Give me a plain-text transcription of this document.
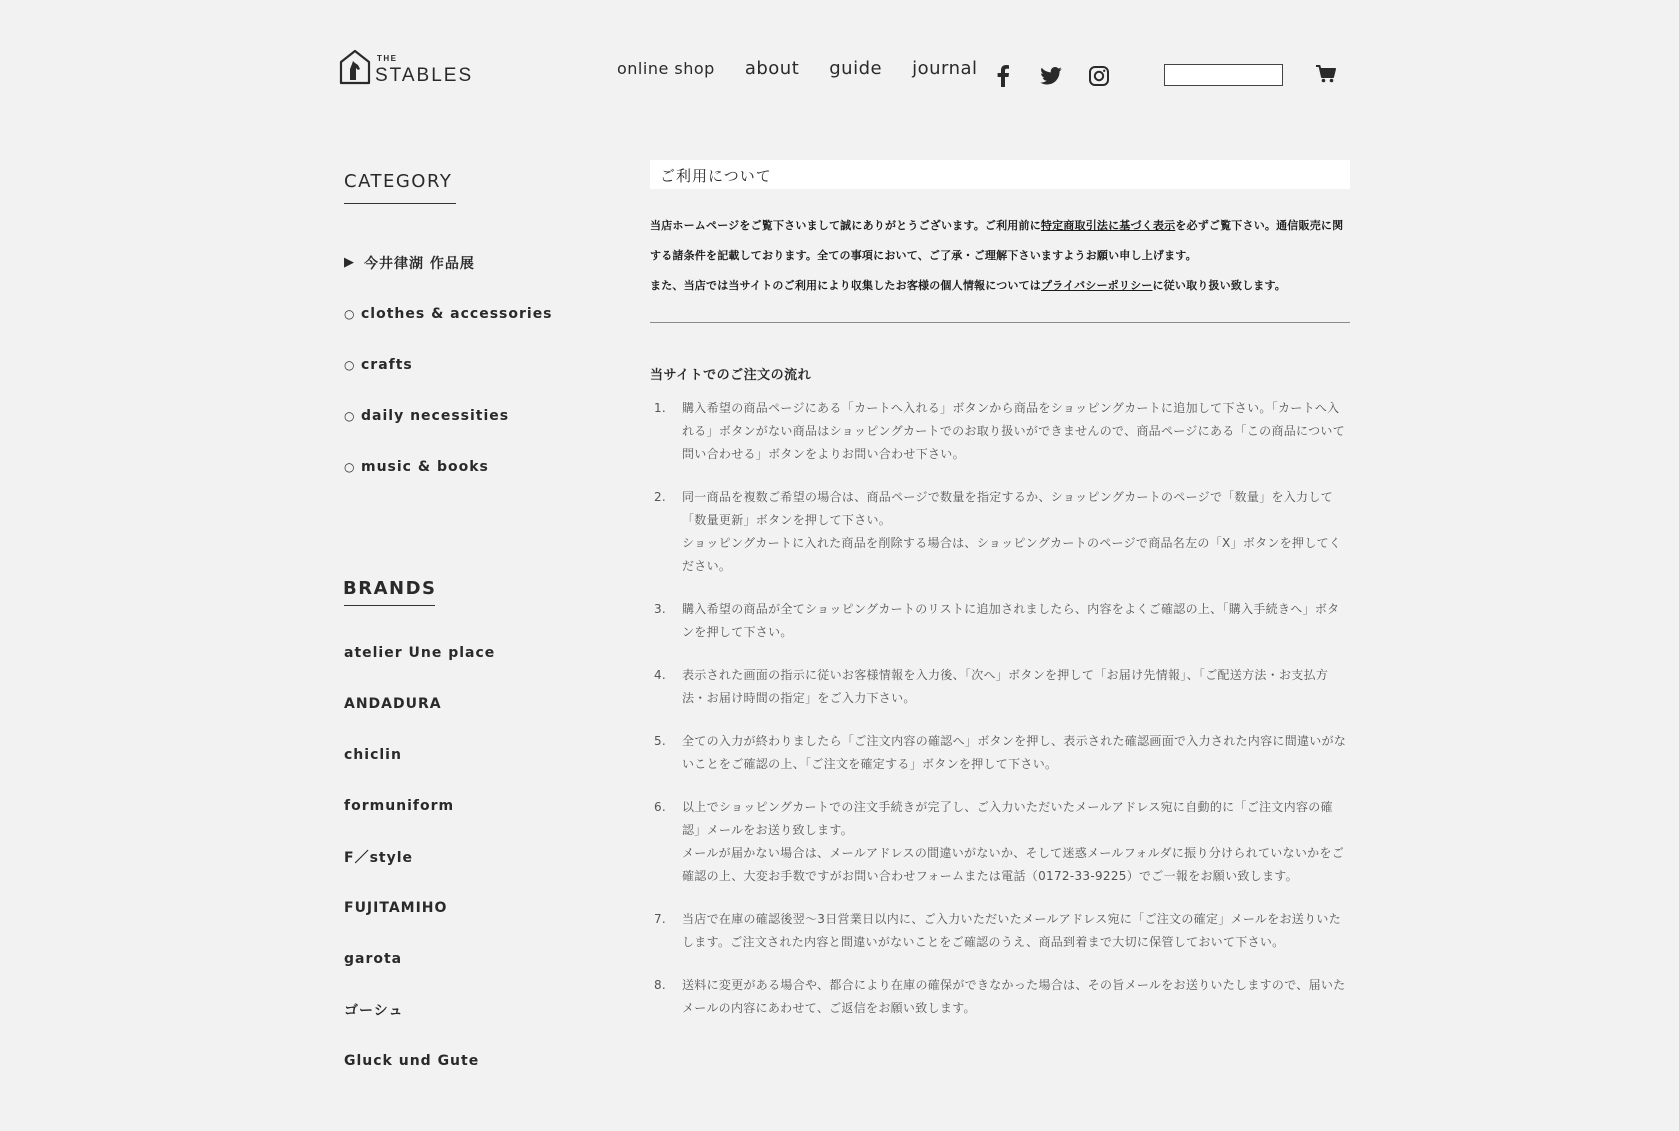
THE
STABLES	online shop about guide journal
CATEGORY
▶ 今井律湖 作品展
○ clothes & accessories
○ crafts
○ daily necessities
○ music & books
BRANDS
atelier Une place
ANDADURA
chiclin
formuniform
F／style
FUJITAMIHO
garota
ゴーシュ
Gluck und Gute
ご利用について

当店ホームページをご覧下さいまして誠にありがとうございます。ご利用前に特定商取引法に基づく表示を必ずご覧下さい。通信販売に関する諸条件を記載しております。全ての事項において、ご了承・ご理解下さいますようお願い申し上げます。

また、当店では当サイトのご利用により収集したお客様の個人情報についてはプライバシーポリシーに従い取り扱い致します。

当サイトでのご注文の流れ
1. 購入希望の商品ページにある「カートへ入れる」ボタンから商品をショッピングカートに追加して下さい。「カートへ入れる」ボタンがない商品はショッピングカートでのお取り扱いができませんので、商品ページにある「この商品について問い合わせる」ボタンをよりお問い合わせ下さい。

2. 同一商品を複数ご希望の場合は、商品ページで数量を指定するか、ショッピングカートのページで「数量」を入力して「数量更新」ボタンを押して下さい。

ショッピングカートに入れた商品を削除する場合は、ショッピングカートのページで商品名左の「X」ボタンを押してください。

3. 購入希望の商品が全てショッピングカートのリストに追加されましたら、内容をよくご確認の上、「購入手続きへ」ボタンを押して下さい。

4. 表示された画面の指示に従いお客様情報を入力後、「次へ」ボタンを押して「お届け先情報」、「ご配送方法・お支払方法・お届け時間の指定」をご入力下さい。

5. 全ての入力が終わりましたら「ご注文内容の確認へ」ボタンを押し、表示された確認画面で入力された内容に間違いがないことをご確認の上、「ご注文を確定する」ボタンを押して下さい。

6. 以上でショッピングカートでの注文手続きが完了し、ご入力いただいたメールアドレス宛に自動的に「ご注文内容の確認」メールをお送り致します。

メールが届かない場合は、メールアドレスの間違いがないか、そして迷惑メールフォルダに振り分けられていないかをご確認の上、大変お手数ですがお問い合わせフォームまたは電話（0172-33-9225）でご一報をお願い致します。

7. 当店で在庫の確認後翌〜3日営業日以内に、ご入力いただいたメールアドレス宛に「ご注文の確定」メールをお送りいたします。ご注文された内容と間違いがないことをご確認のうえ、商品到着まで大切に保管しておいて下さい。

8. 送料に変更がある場合や、都合により在庫の確保ができなかった場合は、その旨メールをお送りいたしますので、届いたメールの内容にあわせて、ご返信をお願い致します。
